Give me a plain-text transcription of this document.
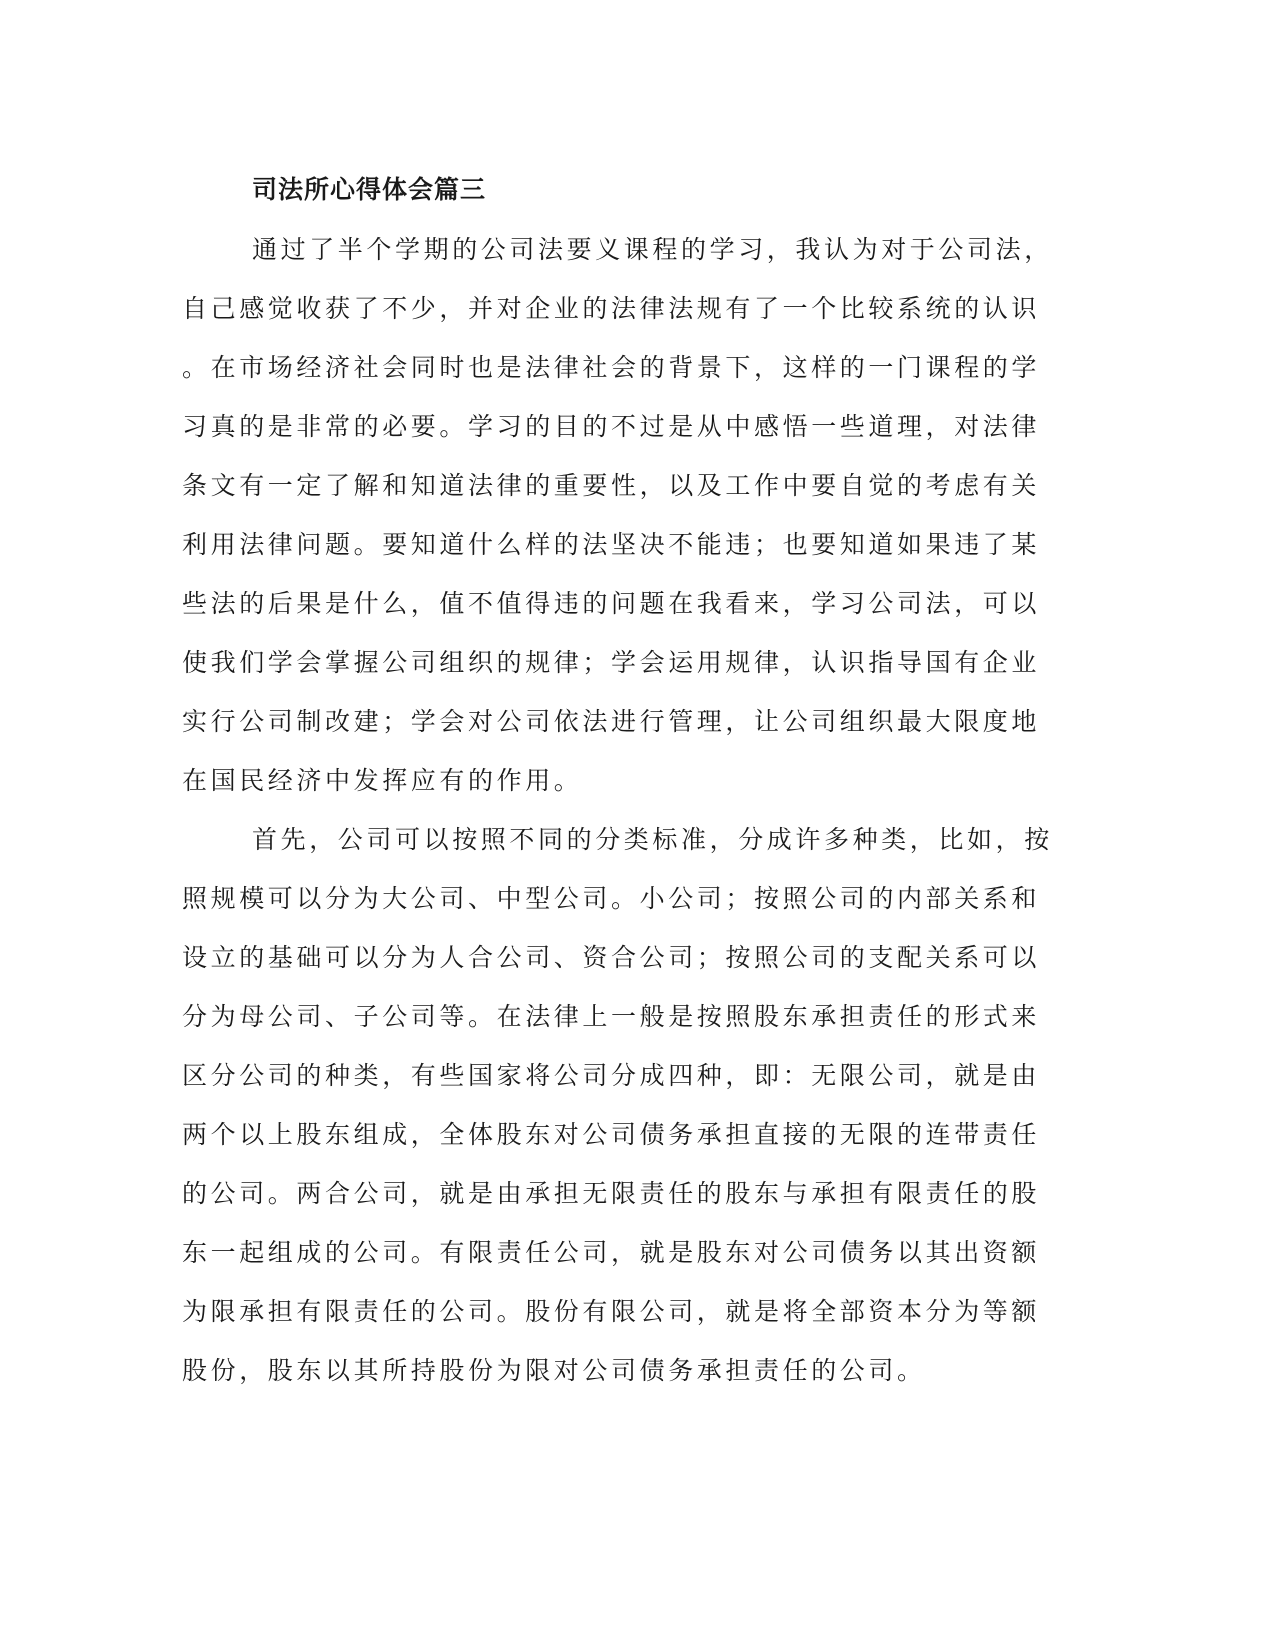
司法所心得体会篇三

通过了半个学期的公司法要义课程的学习，我认为对于公司法，
自己感觉收获了不少，并对企业的法律法规有了一个比较系统的认识
。在市场经济社会同时也是法律社会的背景下，这样的一门课程的学
习真的是非常的必要。学习的目的不过是从中感悟一些道理，对法律
条文有一定了解和知道法律的重要性，以及工作中要自觉的考虑有关
利用法律问题。要知道什么样的法坚决不能违；也要知道如果违了某
些法的后果是什么，值不值得违的问题在我看来，学习公司法，可以
使我们学会掌握公司组织的规律；学会运用规律，认识指导国有企业
实行公司制改建；学会对公司依法进行管理，让公司组织最大限度地
在国民经济中发挥应有的作用。

首先，公司可以按照不同的分类标准，分成许多种类，比如，按
照规模可以分为大公司、中型公司。小公司；按照公司的内部关系和
设立的基础可以分为人合公司、资合公司；按照公司的支配关系可以
分为母公司、子公司等。在法律上一般是按照股东承担责任的形式来
区分公司的种类，有些国家将公司分成四种，即：无限公司，就是由
两个以上股东组成，全体股东对公司债务承担直接的无限的连带责任
的公司。两合公司，就是由承担无限责任的股东与承担有限责任的股
东一起组成的公司。有限责任公司，就是股东对公司债务以其出资额
为限承担有限责任的公司。股份有限公司，就是将全部资本分为等额
股份，股东以其所持股份为限对公司债务承担责任的公司。
